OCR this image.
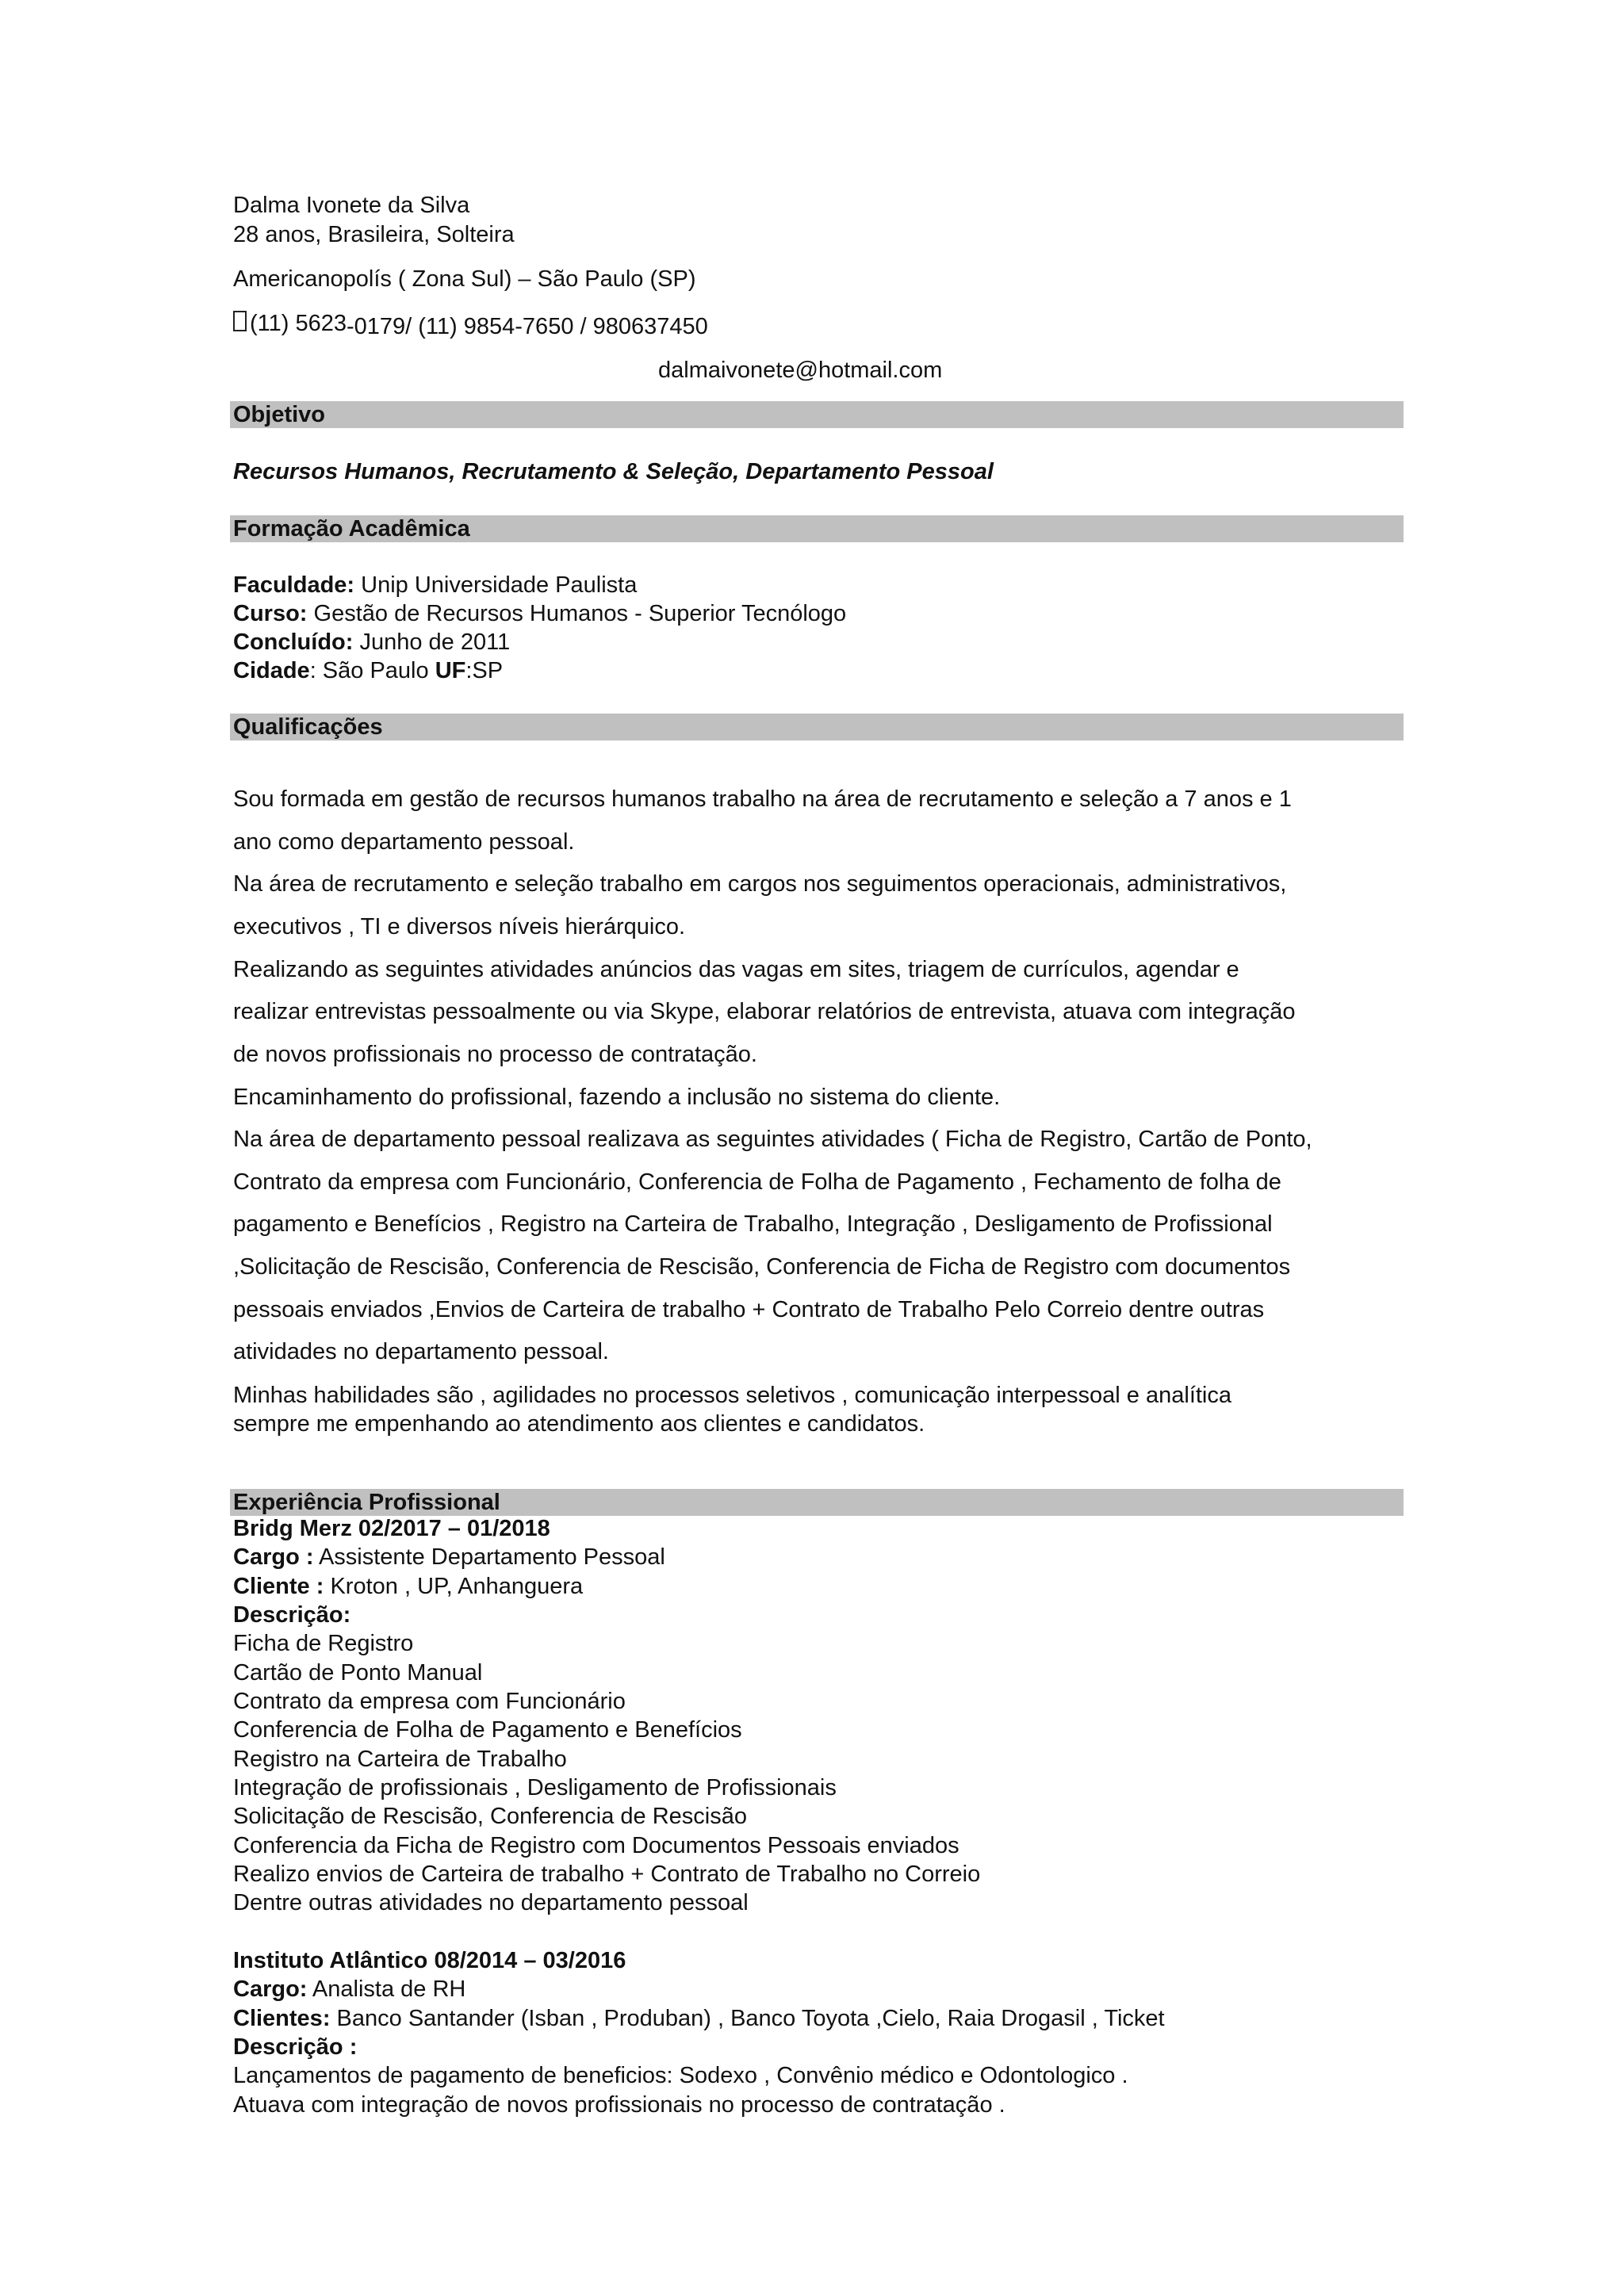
Dalma Ivonete da Silva
28 anos, Brasileira, Solteira
Americanopolís ( Zona Sul) – São Paulo (SP)
(11) 5623-0179/ (11) 9854-7650 / 980637450
dalmaivonete@hotmail.com
Objetivo
Recursos Humanos, Recrutamento & Seleção, Departamento Pessoal
Formação Acadêmica
Faculdade: Unip Universidade Paulista
Curso: Gestão de Recursos Humanos - Superior Tecnólogo
Concluído: Junho de 2011
Cidade: São Paulo UF:SP
Qualificações
Sou formada em gestão de recursos humanos trabalho na área de recrutamento e seleção a 7 anos e 1
ano como departamento pessoal.
Na área de recrutamento e seleção trabalho em cargos nos seguimentos operacionais, administrativos,
executivos , TI e diversos níveis hierárquico.
Realizando as seguintes atividades anúncios das vagas em sites, triagem de currículos, agendar e
realizar entrevistas pessoalmente ou via Skype, elaborar relatórios de entrevista, atuava com integração
de novos profissionais no processo de contratação.
Encaminhamento do profissional, fazendo a inclusão no sistema do cliente.
Na área de departamento pessoal realizava as seguintes atividades ( Ficha de Registro, Cartão de Ponto,
Contrato da empresa com Funcionário, Conferencia de Folha de Pagamento , Fechamento de folha de
pagamento e Benefícios , Registro na Carteira de Trabalho, Integração , Desligamento de Profissional
,Solicitação de Rescisão, Conferencia de Rescisão, Conferencia de Ficha de Registro com documentos
pessoais enviados ,Envios de Carteira de trabalho + Contrato de Trabalho Pelo Correio dentre outras
atividades no departamento pessoal.
Minhas habilidades são , agilidades no processos seletivos , comunicação interpessoal e analítica
sempre me empenhando ao atendimento aos clientes e candidatos.
Experiência Profissional
Bridg Merz 02/2017 – 01/2018
Cargo : Assistente Departamento Pessoal
Cliente : Kroton , UP, Anhanguera
Descrição:
Ficha de Registro
Cartão de Ponto Manual
Contrato da empresa com Funcionário
Conferencia de Folha de Pagamento e Benefícios
Registro na Carteira de Trabalho
Integração de profissionais , Desligamento de Profissionais
Solicitação de Rescisão, Conferencia de Rescisão
Conferencia da Ficha de Registro com Documentos Pessoais enviados
Realizo envios de Carteira de trabalho + Contrato de Trabalho no Correio
Dentre outras atividades no departamento pessoal
Instituto Atlântico 08/2014 – 03/2016
Cargo: Analista de RH
Clientes: Banco Santander (Isban , Produban) , Banco Toyota ,Cielo, Raia Drogasil , Ticket
Descrição :
Lançamentos de pagamento de beneficios: Sodexo , Convênio médico e Odontologico .
Atuava com integração de novos profissionais no processo de contratação .
